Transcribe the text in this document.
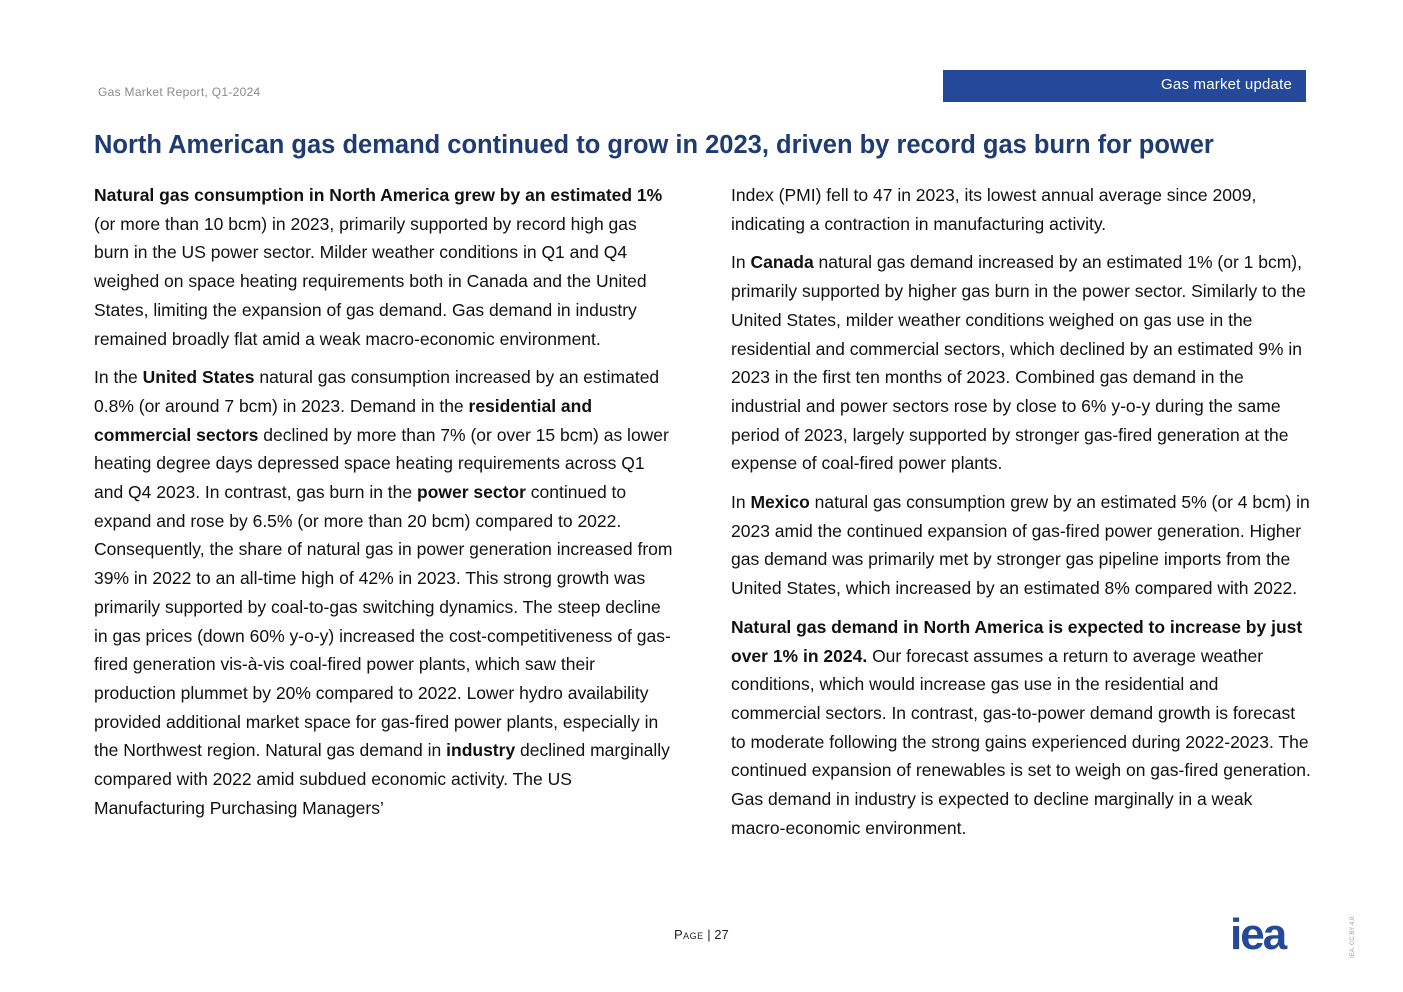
Gas Market Report, Q1-2024	Gas market update
North American gas demand continued to grow in 2023, driven by record gas burn for power

Natural gas consumption in North America grew by an estimated 1% (or more than 10 bcm) in 2023, primarily supported by record high gas burn in the US power sector. Milder weather conditions in Q1 and Q4 weighed on space heating requirements both in Canada and the United States, limiting the expansion of gas demand. Gas demand in industry remained broadly flat amid a weak macro-economic environment.

In the United States natural gas consumption increased by an estimated 0.8% (or around 7 bcm) in 2023. Demand in the residential and commercial sectors declined by more than 7% (or over 15 bcm) as lower heating degree days depressed space heating requirements across Q1 and Q4 2023. In contrast, gas burn in the power sector continued to expand and rose by 6.5% (or more than 20 bcm) compared to 2022. Consequently, the share of natural gas in power generation increased from 39% in 2022 to an all-time high of 42% in 2023. This strong growth was primarily supported by coal-to-gas switching dynamics. The steep decline in gas prices (down 60% y-o-y) increased the cost-competitiveness of gas-fired generation vis-à-vis coal-fired power plants, which saw their production plummet by 20% compared to 2022. Lower hydro availability provided additional market space for gas-fired power plants, especially in the Northwest region. Natural gas demand in industry declined marginally compared with 2022 amid subdued economic activity. The US Manufacturing Purchasing Managers’

Index (PMI) fell to 47 in 2023, its lowest annual average since 2009, indicating a contraction in manufacturing activity.

In Canada natural gas demand increased by an estimated 1% (or 1 bcm), primarily supported by higher gas burn in the power sector. Similarly to the United States, milder weather conditions weighed on gas use in the residential and commercial sectors, which declined by an estimated 9% in 2023 in the first ten months of 2023. Combined gas demand in the industrial and power sectors rose by close to 6% y-o-y during the same period of 2023, largely supported by stronger gas-fired generation at the expense of coal-fired power plants.

In Mexico natural gas consumption grew by an estimated 5% (or 4 bcm) in 2023 amid the continued expansion of gas-fired power generation. Higher gas demand was primarily met by stronger gas pipeline imports from the United States, which increased by an estimated 8% compared with 2022.

Natural gas demand in North America is expected to increase by just over 1% in 2024. Our forecast assumes a return to average weather conditions, which would increase gas use in the residential and commercial sectors. In contrast, gas-to-power demand growth is forecast to moderate following the strong gains experienced during 2022-2023. The continued expansion of renewables is set to weigh on gas-fired generation. Gas demand in industry is expected to decline marginally in a weak macro-economic environment.

Page | 27	iea	IEA. CC BY 4.0.
